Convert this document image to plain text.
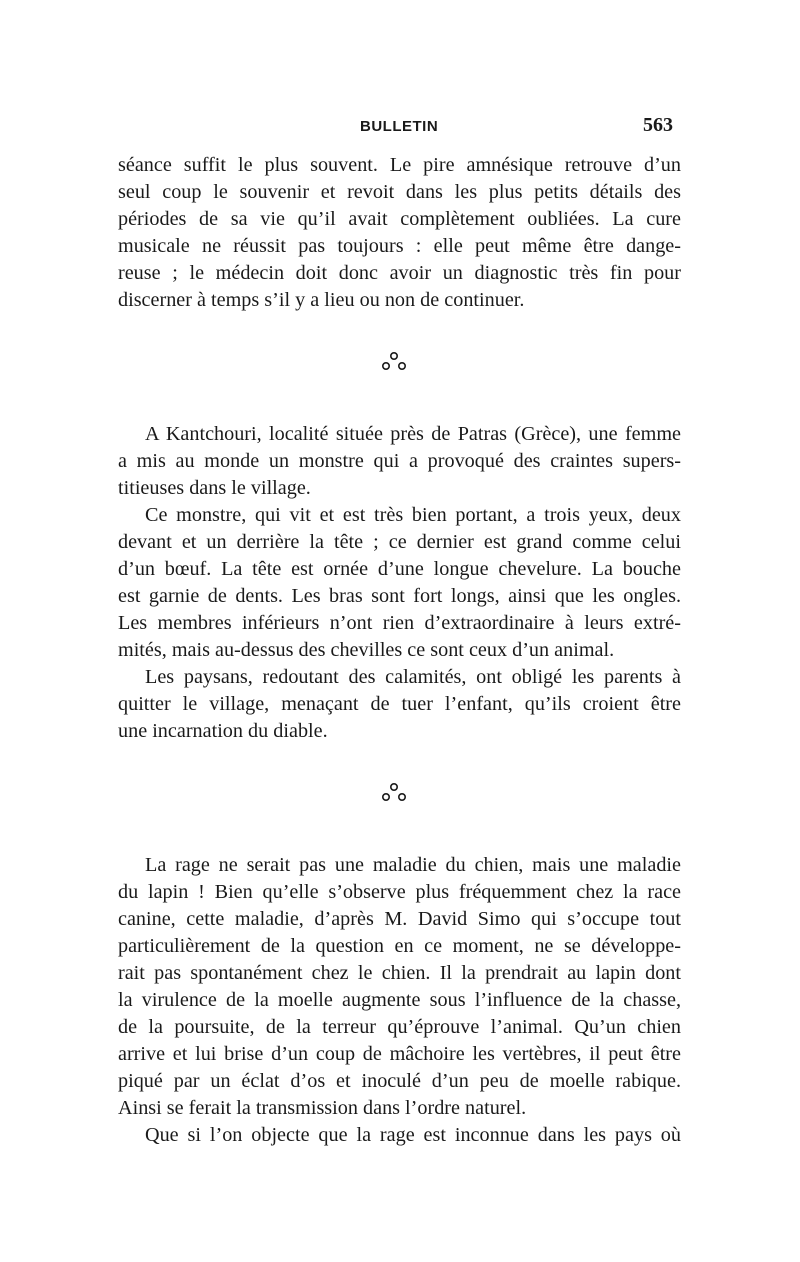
BULLETIN	563

séance suffit le plus souvent. Le pire amnésique retrouve d’un
seul coup le souvenir et revoit dans les plus petits détails des
périodes de sa vie qu’il avait complètement oubliées. La cure
musicale ne réussit pas toujours : elle peut même être dange-
reuse ; le médecin doit donc avoir un diagnostic très fin pour
discerner à temps s’il y a lieu ou non de continuer.

A Kantchouri, localité située près de Patras (Grèce), une femme
a mis au monde un monstre qui a provoqué des craintes supers-
titieuses dans le village.

Ce monstre, qui vit et est très bien portant, a trois yeux, deux
devant et un derrière la tête ; ce dernier est grand comme celui
d’un bœuf. La tête est ornée d’une longue chevelure. La bouche
est garnie de dents. Les bras sont fort longs, ainsi que les ongles.
Les membres inférieurs n’ont rien d’extraordinaire à leurs extré-
mités, mais au-dessus des chevilles ce sont ceux d’un animal.

Les paysans, redoutant des calamités, ont obligé les parents à
quitter le village, menaçant de tuer l’enfant, qu’ils croient être
une incarnation du diable.

La rage ne serait pas une maladie du chien, mais une maladie
du lapin ! Bien qu’elle s’observe plus fréquemment chez la race
canine, cette maladie, d’après M. David Simo qui s’occupe tout
particulièrement de la question en ce moment, ne se développe-
rait pas spontanément chez le chien. Il la prendrait au lapin dont
la virulence de la moelle augmente sous l’influence de la chasse,
de la poursuite, de la terreur qu’éprouve l’animal. Qu’un chien
arrive et lui brise d’un coup de mâchoire les vertèbres, il peut être
piqué par un éclat d’os et inoculé d’un peu de moelle rabique.
Ainsi se ferait la transmission dans l’ordre naturel.

Que si l’on objecte que la rage est inconnue dans les pays où
